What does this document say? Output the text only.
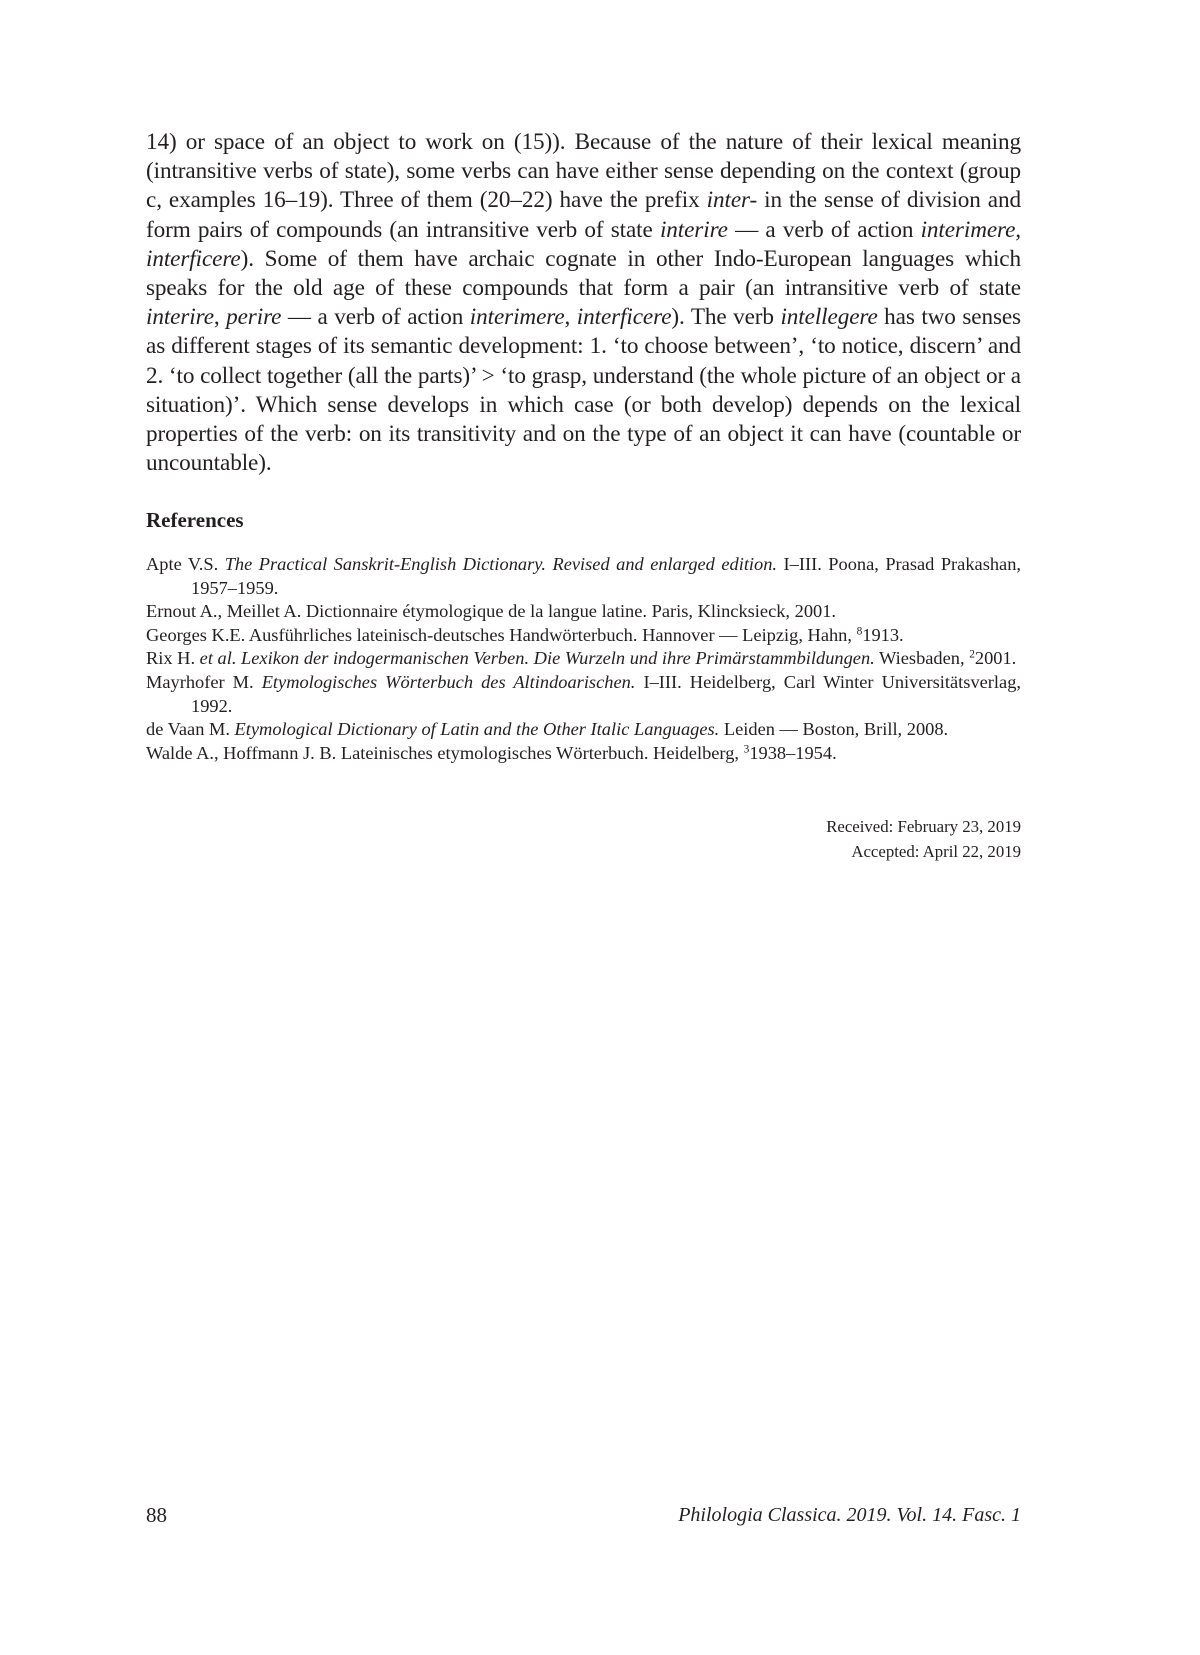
14) or space of an object to work on (15)). Because of the nature of their lexical meaning (intransitive verbs of state), some verbs can have either sense depending on the context (group c, examples 16–19). Three of them (20–22) have the prefix inter- in the sense of division and form pairs of compounds (an intransitive verb of state interire — a verb of action interimere, interficere). Some of them have archaic cognate in other Indo-European languages which speaks for the old age of these compounds that form a pair (an intransitive verb of state interire, perire — a verb of action interimere, interficere). The verb intellegere has two senses as different stages of its semantic development: 1. ‘to choose between’, ‘to notice, discern’ and 2. ‘to collect together (all the parts)’ > ‘to grasp, understand (the whole picture of an object or a situation)’. Which sense develops in which case (or both develop) depends on the lexical properties of the verb: on its transitivity and on the type of an object it can have (countable or uncountable).

References
Apte V.S. The Practical Sanskrit-English Dictionary. Revised and enlarged edition. I–III. Poona, Prasad Prakashan, 1957–1959.
Ernout A., Meillet A. Dictionnaire étymologique de la langue latine. Paris, Klincksieck, 2001.
Georges K.E. Ausführliches lateinisch-deutsches Handwörterbuch. Hannover — Leipzig, Hahn, $^8$1913.
Rix H. et al. Lexikon der indogermanischen Verben. Die Wurzeln und ihre Primärstammbildungen. Wiesbaden, $^2$2001.
Mayrhofer M. Etymologisches Wörterbuch des Altindoarischen. I–III. Heidelberg, Carl Winter Universitätsverlag, 1992.
de Vaan M. Etymological Dictionary of Latin and the Other Italic Languages. Leiden — Boston, Brill, 2008.
Walde A., Hoffmann J. B. Lateinisches etymologisches Wörterbuch. Heidelberg, $^3$1938–1954.
Received: February 23, 2019
Accepted: April 22, 2019
88	Philologia Classica. 2019. Vol. 14. Fasc. 1
